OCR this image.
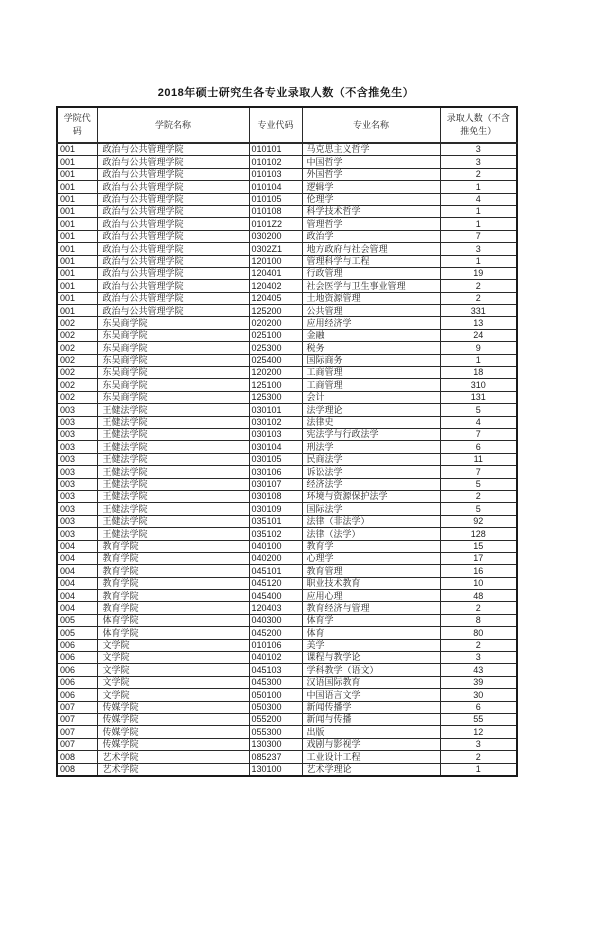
2018年硕士研究生各专业录取人数（不含推免生）
学院代码	学院名称	专业代码	专业名称	录取人数（不含推免生）
001	政治与公共管理学院	010101	马克思主义哲学	3
001	政治与公共管理学院	010102	中国哲学	3
001	政治与公共管理学院	010103	外国哲学	2
001	政治与公共管理学院	010104	逻辑学	1
001	政治与公共管理学院	010105	伦理学	4
001	政治与公共管理学院	010108	科学技术哲学	1
001	政治与公共管理学院	0101Z2	管理哲学	1
001	政治与公共管理学院	030200	政治学	7
001	政治与公共管理学院	0302Z1	地方政府与社会管理	3
001	政治与公共管理学院	120100	管理科学与工程	1
001	政治与公共管理学院	120401	行政管理	19
001	政治与公共管理学院	120402	社会医学与卫生事业管理	2
001	政治与公共管理学院	120405	土地资源管理	2
001	政治与公共管理学院	125200	公共管理	331
002	东吴商学院	020200	应用经济学	13
002	东吴商学院	025100	金融	24
002	东吴商学院	025300	税务	9
002	东吴商学院	025400	国际商务	1
002	东吴商学院	120200	工商管理	18
002	东吴商学院	125100	工商管理	310
002	东吴商学院	125300	会计	131
003	王健法学院	030101	法学理论	5
003	王健法学院	030102	法律史	4
003	王健法学院	030103	宪法学与行政法学	7
003	王健法学院	030104	刑法学	6
003	王健法学院	030105	民商法学	11
003	王健法学院	030106	诉讼法学	7
003	王健法学院	030107	经济法学	5
003	王健法学院	030108	环境与资源保护法学	2
003	王健法学院	030109	国际法学	5
003	王健法学院	035101	法律（非法学）	92
003	王健法学院	035102	法律（法学）	128
004	教育学院	040100	教育学	15
004	教育学院	040200	心理学	17
004	教育学院	045101	教育管理	16
004	教育学院	045120	职业技术教育	10
004	教育学院	045400	应用心理	48
004	教育学院	120403	教育经济与管理	2
005	体育学院	040300	体育学	8
005	体育学院	045200	体育	80
006	文学院	010106	美学	2
006	文学院	040102	课程与教学论	3
006	文学院	045103	学科教学（语文）	43
006	文学院	045300	汉语国际教育	39
006	文学院	050100	中国语言文学	30
007	传媒学院	050300	新闻传播学	6
007	传媒学院	055200	新闻与传播	55
007	传媒学院	055300	出版	12
007	传媒学院	130300	戏剧与影视学	3
008	艺术学院	085237	工业设计工程	2
008	艺术学院	130100	艺术学理论	1
